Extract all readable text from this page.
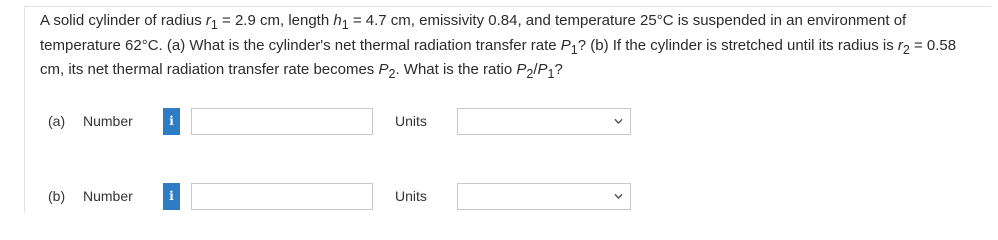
A solid cylinder of radius $r_1 = 2.9$ cm, length $h_1 = 4.7$ cm, emissivity 0.84, and temperature 25°C is suspended in an environment of temperature 62°C. (a) What is the cylinder's net thermal radiation transfer rate $P_1$? (b) If the cylinder is stretched until its radius is $r_2 = 0.58$ cm, its net thermal radiation transfer rate becomes $P_2$. What is the ratio $P_2/P_1$?

(a)	Number	i	Units
(b)	Number	i	Units
